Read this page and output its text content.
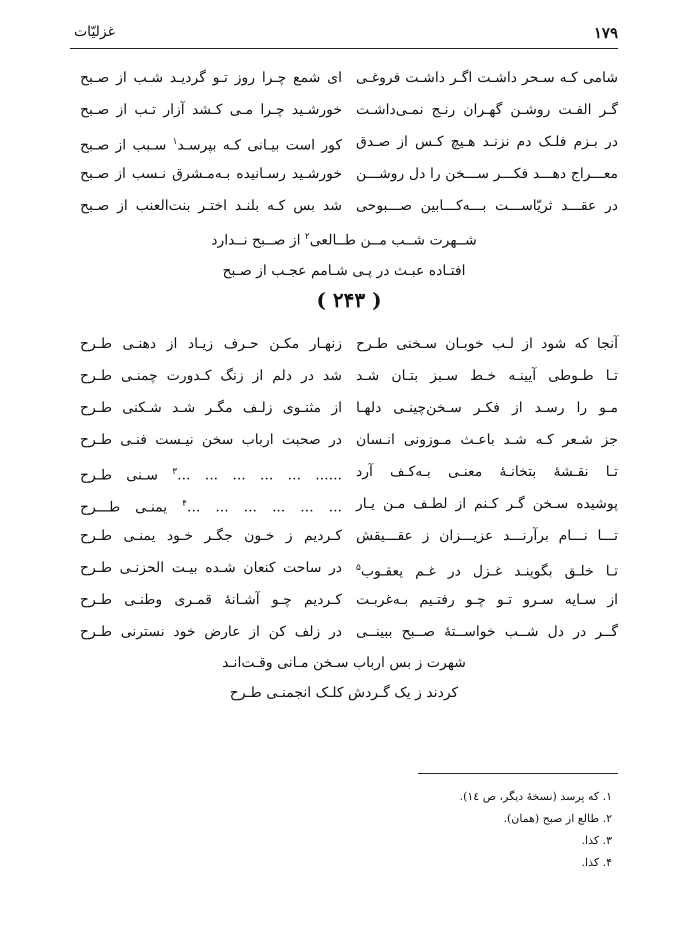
١٧٩
غزلیّات
شامی کـه سـحر داشـت اگـر داشـت فروغـی
ای شمع چـرا روز تـو گردیـد شـب از صـبح
گـر الفـت روشـن گهـران رنـج نمـی‌داشـت
خورشـید چـرا مـی کـشد آزار تـب از صـبح
در بـزم فلـک دم نزنـد هـیچ کـس از صـدق
کور است بیـانی کـه بپرسـد$^١$ سـبب از صـبح
معـــراج دهـــد فکـــر ســـخن را دل روشـــن
خورشـید رسـانیده بـه‌مـشرق نـسب از صـبح
در عقـــد ثریّاســـت بـــه‌کـــابین صـــبوحی
شد بس کـه بلنـد اختـر بنت‌العنب از صـبح
شــهرت شــب مــن طــالعی$^٢$ از صــبح نــدارد
افتـاده عبـث در پـی شـامم عجـب از صـبح
( ٢۴٣ )
آنجا که شود از لـب خوبـان سـخنی طـرح
زنهـار مکـن حـرف زیـاد از دهنـی طـرح
تـا طـوطی آیینـه خـط سـبز بتـان شـد
شد در دلم از زنگ کـدورت چمنـی طـرح
مـو را رسـد از فکـر سـخن‌چینـی دلهـا
از مثنـوی زلـف مگـر شـد شـکنی طـرح
جز شـعر کـه شـد باعـث مـوزونی انـسان
در صحبت ارباب سخن نیـست فنـی طـرح
تـا نقـشهٔ بتخانـهٔ معنـی بـه‌کـف آرد
...... ... ... ... ... ...$^٣$ سـنی طـرح
پوشیده سـخن گـر کـنم از لطـف مـن یـار
... ... ... ... ... ...$^۴$ یمنـی طـــرح
تـــا نـــام برآرنـــد عزیـــزان ز عقـــیقش
کـردیم ز خـون جگـر خـود یمنـی طـرح
تـا خلـق بگوینـد غـزل در غـم یعقـوب$^۵$
در ساحت کنعان شـده بیـت الحزنـی طـرح
از سـایه سـرو تـو چـو رفتـیم بـه‌غربـت
کـردیم چـو آشـانهٔ قمـری وطنـی طـرح
گــر در دل شــب خواســتهٔ صــبح ببینــی
در زلف کن از عارض خود نسترنی طـرح
شهرت ز بس ارباب سـخن مـانی وقـت‌انـد
کردند ز یک گـردش کلـک انجمنـی طـرح
١. که پرسد (نسخهٔ دیگر، ص ١٤).
٢. طالع از صبح (همان).
٣. کذا.
۴. کذا.
